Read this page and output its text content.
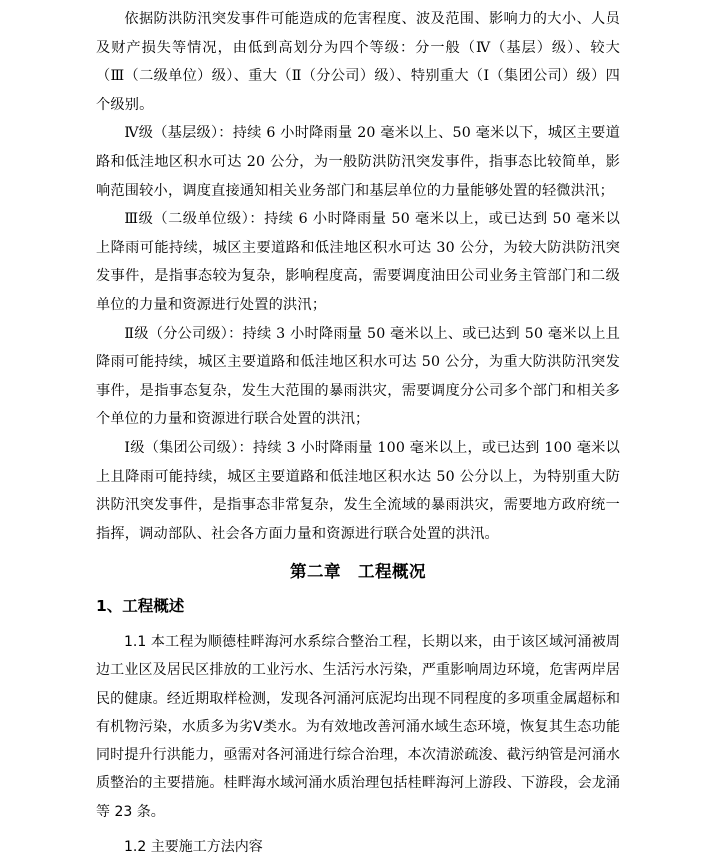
依据防洪防汛突发事件可能造成的危害程度、波及范围、影响力的大小、人员及财产损失等情况，由低到高划分为四个等级：分一般（Ⅳ（基层）级）、较大（Ⅲ（二级单位）级）、重大（Ⅱ（分公司）级）、特别重大（Ⅰ（集团公司）级）四个级别。

Ⅳ级（基层级）：持续 6 小时降雨量 20 毫米以上、50 毫米以下，城区主要道路和低洼地区积水可达 20 公分，为一般防洪防汛突发事件，指事态比较简单，影响范围较小，调度直接通知相关业务部门和基层单位的力量能够处置的轻微洪汛；

Ⅲ级（二级单位级）：持续 6 小时降雨量 50 毫米以上，或已达到 50 毫米以上降雨可能持续，城区主要道路和低洼地区积水可达 30 公分，为较大防洪防汛突发事件，是指事态较为复杂，影响程度高，需要调度油田公司业务主管部门和二级单位的力量和资源进行处置的洪汛；

Ⅱ级（分公司级）：持续 3 小时降雨量 50 毫米以上、或已达到 50 毫米以上且降雨可能持续，城区主要道路和低洼地区积水可达 50 公分，为重大防洪防汛突发事件，是指事态复杂，发生大范围的暴雨洪灾，需要调度分公司多个部门和相关多个单位的力量和资源进行联合处置的洪汛；

Ⅰ级（集团公司级）：持续 3 小时降雨量 100 毫米以上，或已达到 100 毫米以上且降雨可能持续，城区主要道路和低洼地区积水达 50 公分以上，为特别重大防洪防汛突发事件，是指事态非常复杂，发生全流域的暴雨洪灾，需要地方政府统一指挥，调动部队、社会各方面力量和资源进行联合处置的洪汛。

第二章　工程概况
1、工程概述

1.1 本工程为顺德桂畔海河水系综合整治工程，长期以来，由于该区域河涌被周边工业区及居民区排放的工业污水、生活污水污染，严重影响周边环境，危害两岸居民的健康。经近期取样检测，发现各河涌河底泥均出现不同程度的多项重金属超标和有机物污染，水质多为劣Ⅴ类水。为有效地改善河涌水域生态环境，恢复其生态功能同时提升行洪能力，亟需对各河涌进行综合治理，本次清淤疏浚、截污纳管是河涌水质整治的主要措施。桂畔海水域河涌水质治理包括桂畔海河上游段、下游段，会龙涌等 23 条。

1.2 主要施工方法内容
